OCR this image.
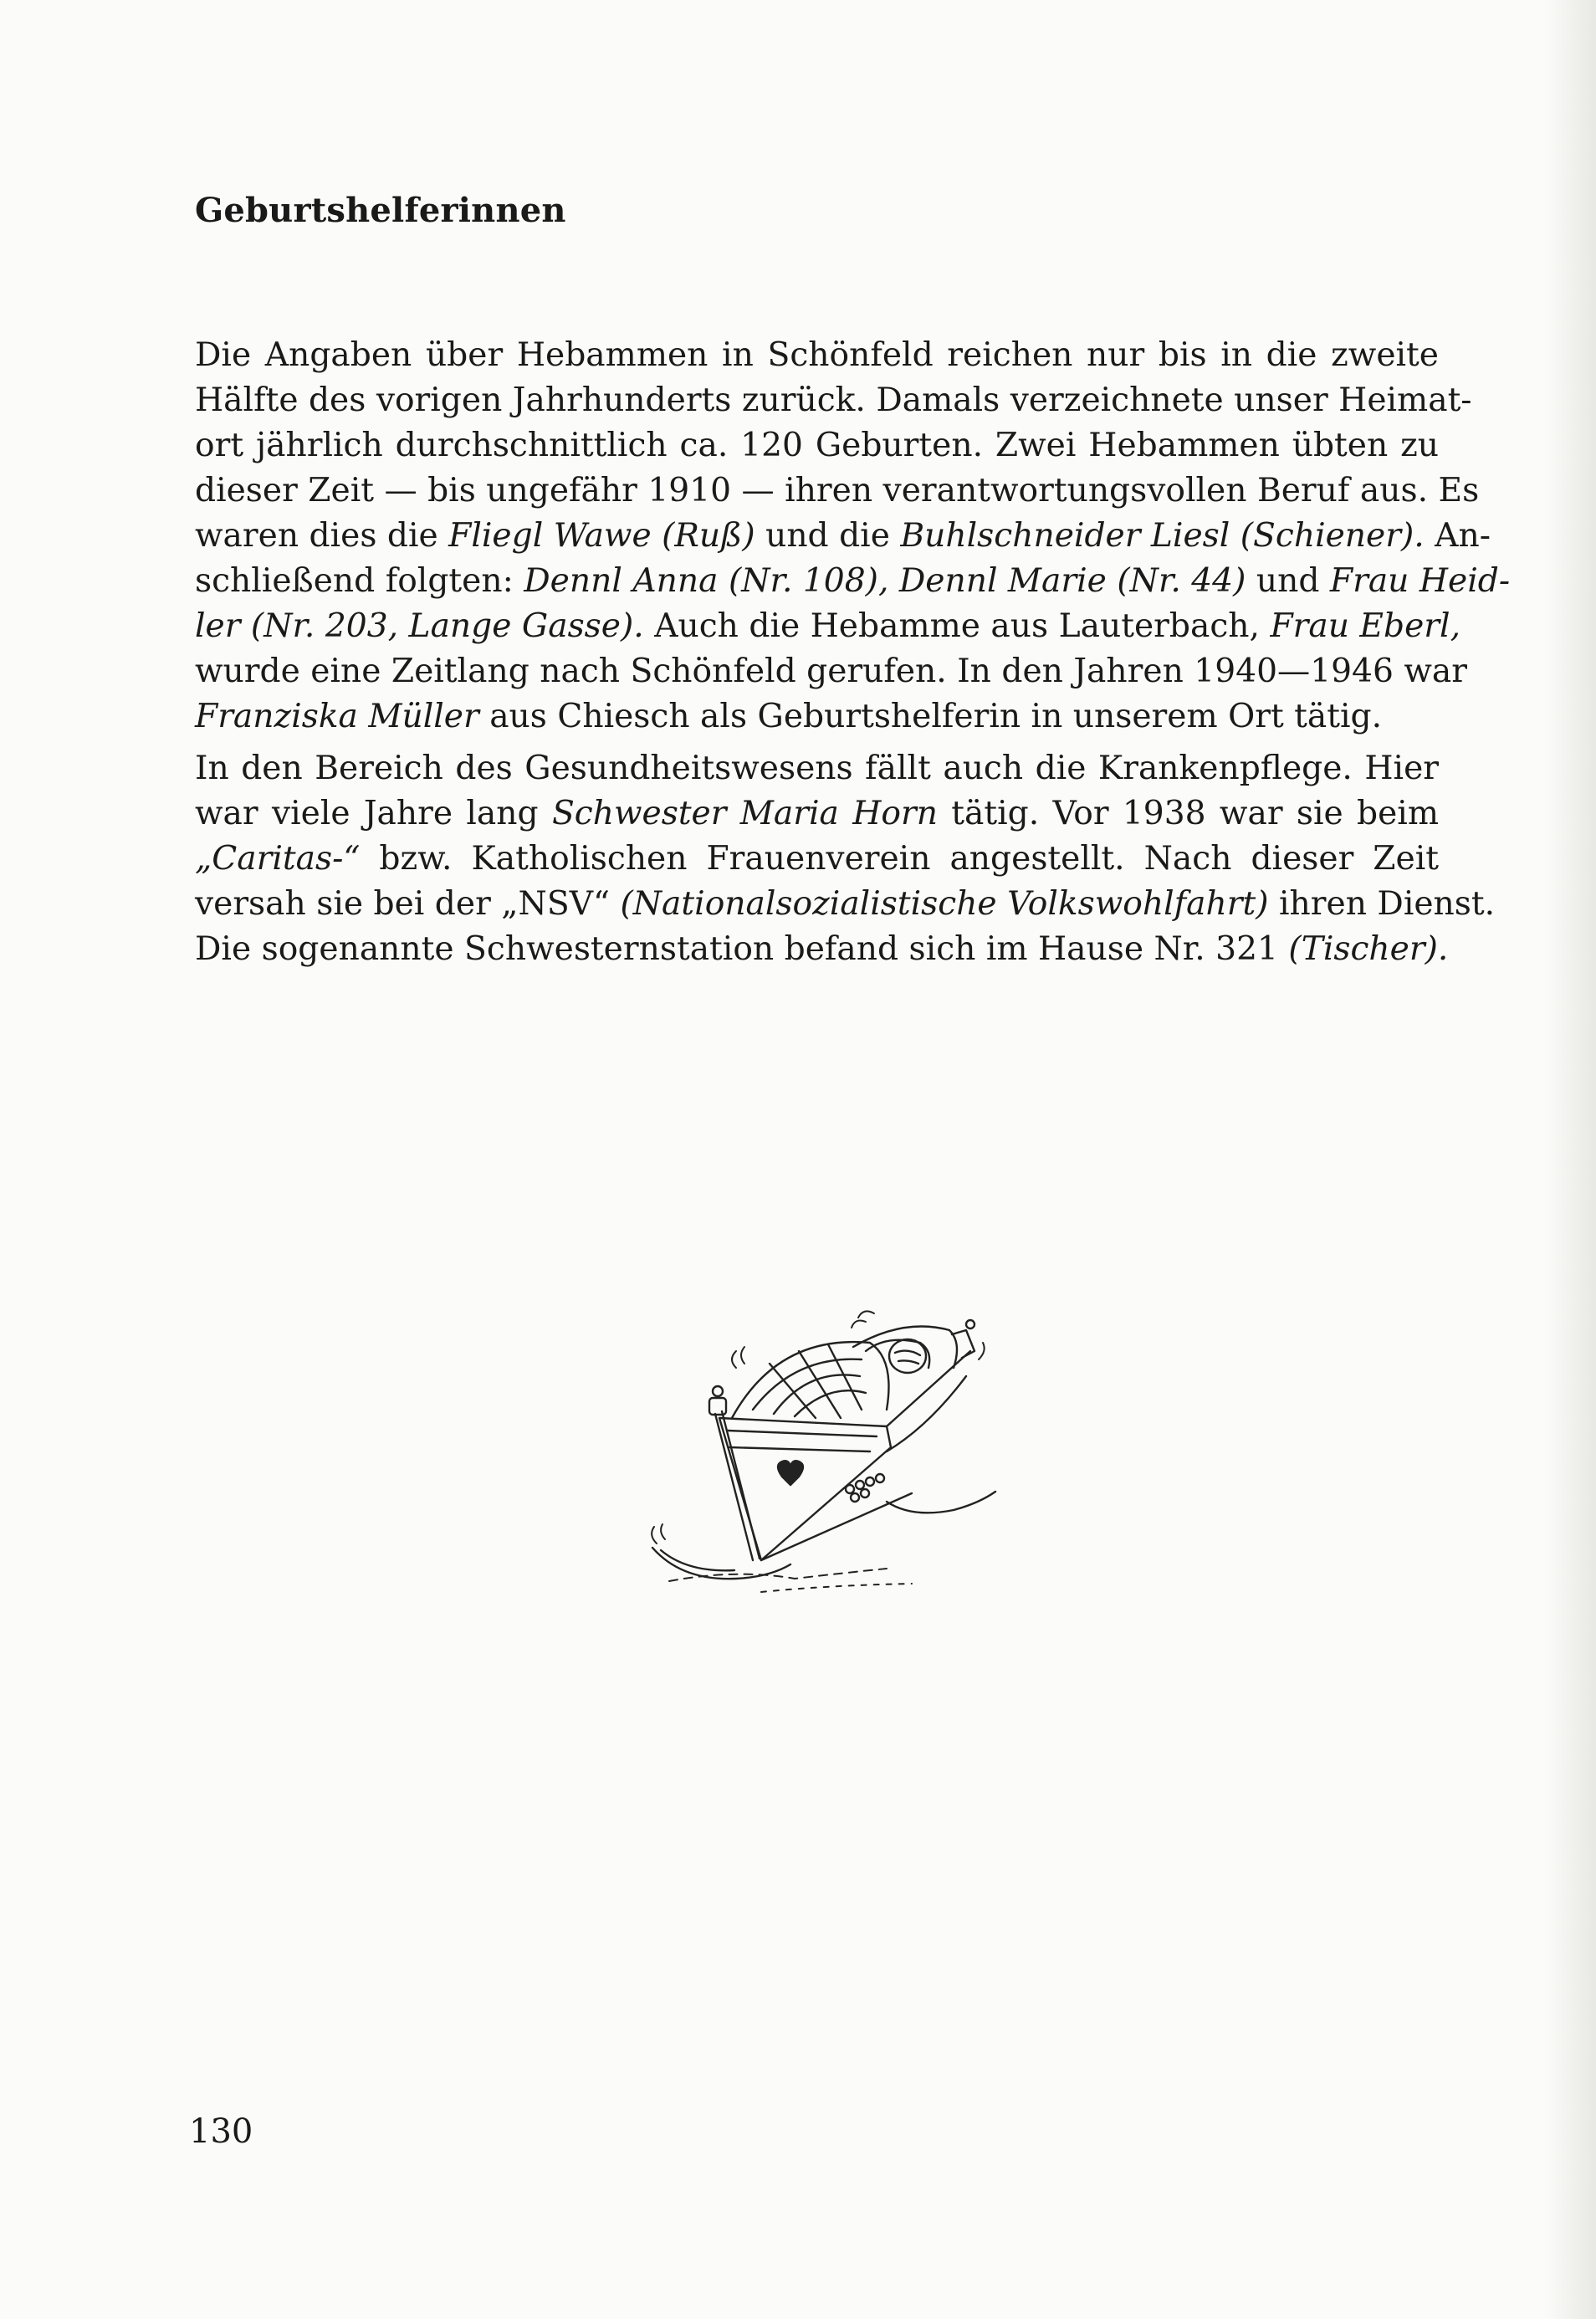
Geburtshelferinnen
Die Angaben über Hebammen in Schönfeld reichen nur bis in die zweite
Hälfte des vorigen Jahrhunderts zurück. Damals verzeichnete unser Heimat-
ort jährlich durchschnittlich ca. 120 Geburten. Zwei Hebammen übten zu
dieser Zeit — bis ungefähr 1910 — ihren verantwortungsvollen Beruf aus. Es
waren dies die Fliegl Wawe (Ruß) und die Buhlschneider Liesl (Schiener). An-
schließend folgten: Dennl Anna (Nr. 108), Dennl Marie (Nr. 44) und Frau Heid-
ler (Nr. 203, Lange Gasse). Auch die Hebamme aus Lauterbach, Frau Eberl,
wurde eine Zeitlang nach Schönfeld gerufen. In den Jahren 1940—1946 war
Franziska Müller aus Chiesch als Geburtshelferin in unserem Ort tätig.
In den Bereich des Gesundheitswesens fällt auch die Krankenpflege. Hier
war viele Jahre lang Schwester Maria Horn tätig. Vor 1938 war sie beim
„Caritas-“ bzw. Katholischen Frauenverein angestellt. Nach dieser Zeit
versah sie bei der „NSV“ (Nationalsozialistische Volkswohlfahrt) ihren Dienst.
Die sogenannte Schwesternstation befand sich im Hause Nr. 321 (Tischer).

130
